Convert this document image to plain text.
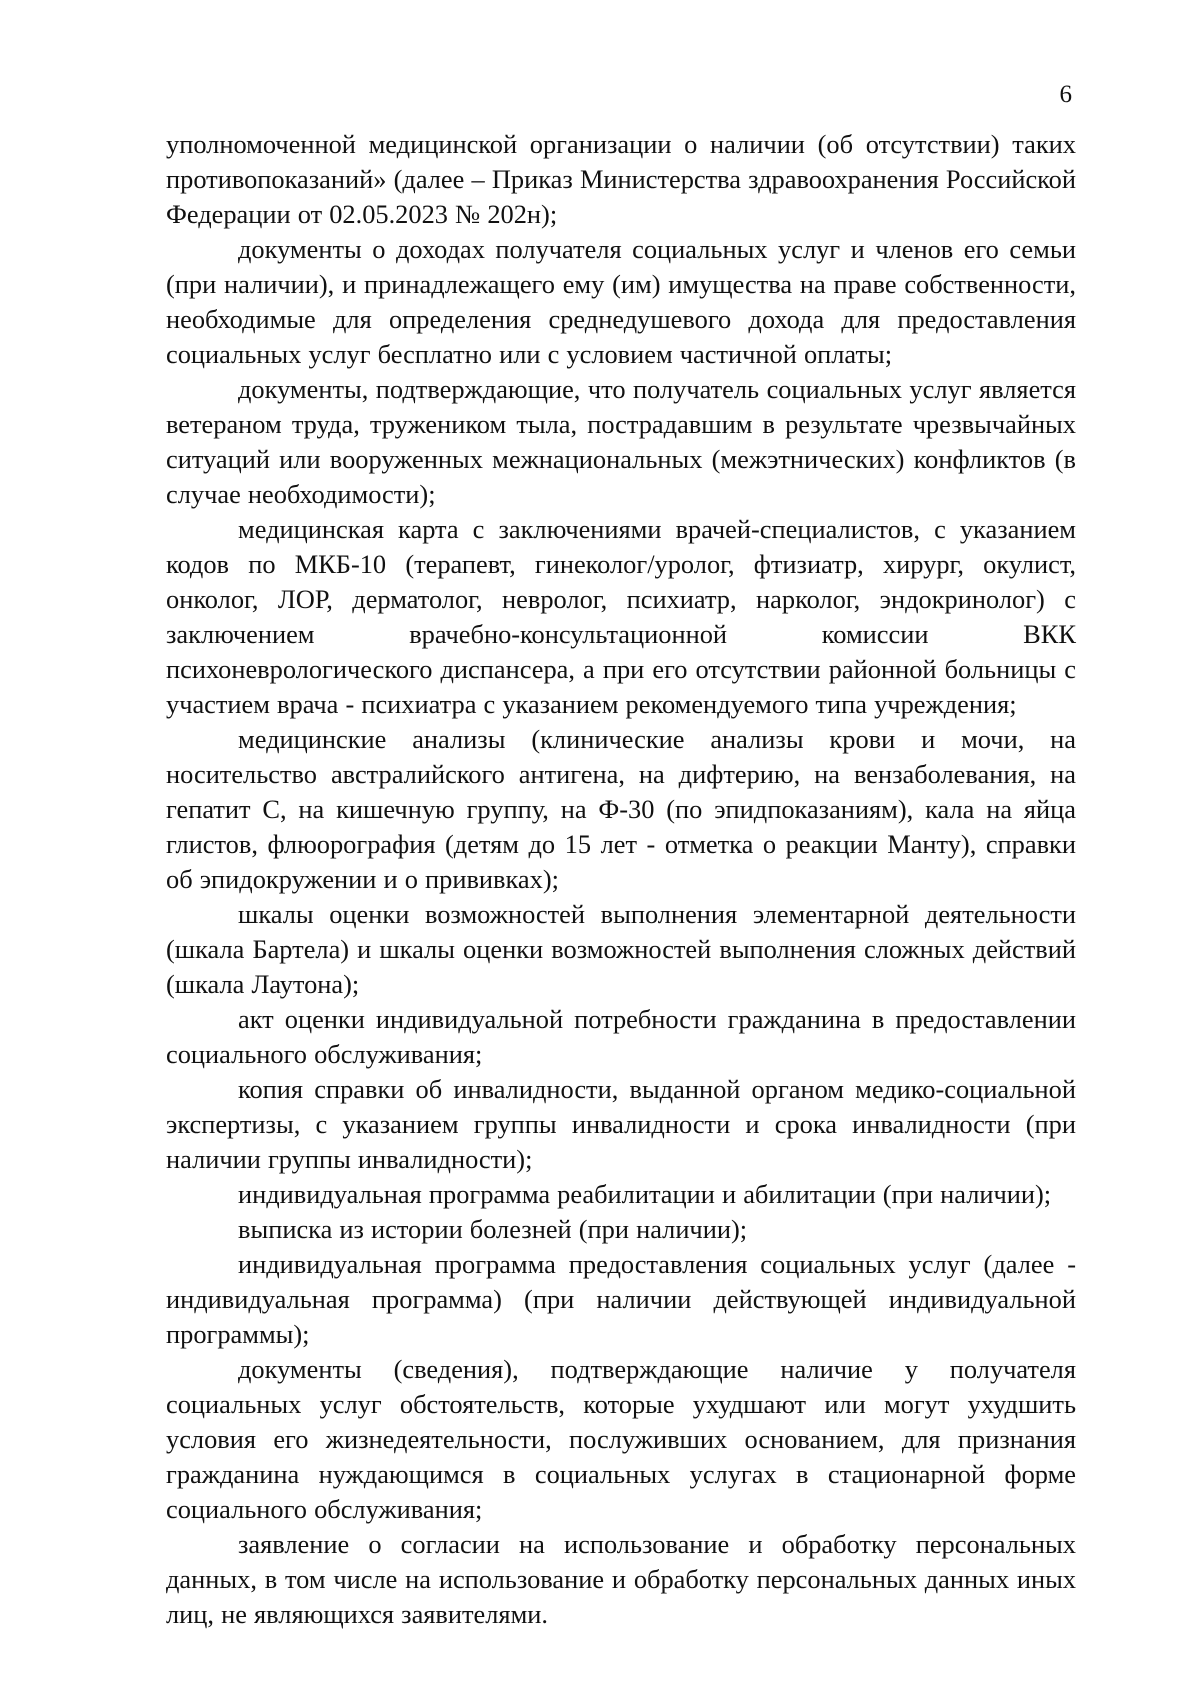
6

уполномоченной медицинской организации о наличии (об отсутствии) таких противопоказаний» (далее – Приказ Министерства здравоохранения Российской Федерации от 02.05.2023 № 202н);

документы о доходах получателя социальных услуг и членов его семьи (при наличии), и принадлежащего ему (им) имущества на праве собственности, необходимые для определения среднедушевого дохода для предоставления социальных услуг бесплатно или с условием частичной оплаты;

документы, подтверждающие, что получатель социальных услуг является ветераном труда, тружеником тыла, пострадавшим в результате чрезвычайных ситуаций или вооруженных межнациональных (межэтнических) конфликтов (в случае необходимости);

медицинская карта с заключениями врачей-специалистов, с указанием кодов по МКБ-10 (терапевт, гинеколог/уролог, фтизиатр, хирург, окулист, онколог, ЛОР, дерматолог, невролог, психиатр, нарколог, эндокринолог) с заключением врачебно-консультационной комиссии ВКК психоневрологического диспансера, а при его отсутствии районной больницы с участием врача - психиатра с указанием рекомендуемого типа учреждения;

медицинские анализы (клинические анализы крови и мочи, на носительство австралийского антигена, на дифтерию, на вензаболевания, на гепатит С, на кишечную группу, на Ф-30 (по эпидпоказаниям), кала на яйца глистов, флюорография (детям до 15 лет - отметка о реакции Манту), справки об эпидокружении и о прививках);

шкалы оценки возможностей выполнения элементарной деятельности (шкала Бартела) и шкалы оценки возможностей выполнения сложных действий (шкала Лаутона);

акт оценки индивидуальной потребности гражданина в предоставлении социального обслуживания;

копия справки об инвалидности, выданной органом медико-социальной экспертизы, с указанием группы инвалидности и срока инвалидности (при наличии группы инвалидности);

индивидуальная программа реабилитации и абилитации (при наличии);

выписка из истории болезней (при наличии);

индивидуальная программа предоставления социальных услуг (далее - индивидуальная программа) (при наличии действующей индивидуальной программы);

документы (сведения), подтверждающие наличие у получателя социальных услуг обстоятельств, которые ухудшают или могут ухудшить условия его жизнедеятельности, послуживших основанием, для признания гражданина нуждающимся в социальных услугах в стационарной форме социального обслуживания;

заявление о согласии на использование и обработку персональных данных, в том числе на использование и обработку персональных данных иных лиц, не являющихся заявителями.
